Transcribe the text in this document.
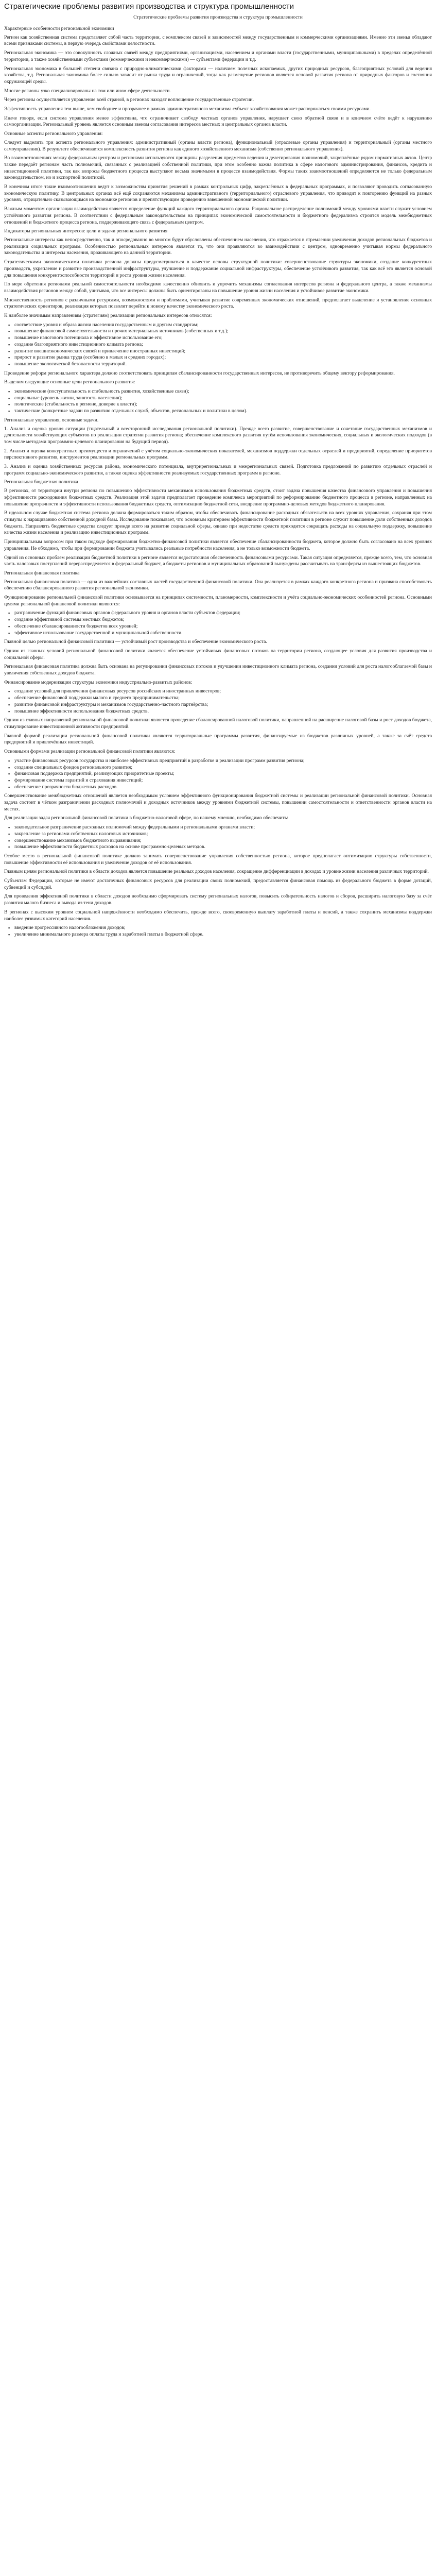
Стратегические проблемы развития производства и структура промышленности
Стратегические проблемы развития производства и структура промышленности

Характерные особенности региональной экономики

Регион как хозяйственная система представляет собой часть территории, с комплексом связей и зависимостей между государственным и коммерческими организациями. Именно эти звенья обладают всеми признаками системы, в первую очередь свойствами целостности.

Региональная экономика — это совокупность сложных связей между предприятиями, организациями, населением и органами власти (государственными, муниципальными) в пределах определённой территории, а также хозяйственными субъектами (коммерческими и некоммерческими) — субъектами федерации и т.д.

Региональная экономика в большей степени связана с природно-климатическими факторами — наличием полезных ископаемых, других природных ресурсов, благоприятных условий для ведения хозяйства, т.д. Региональная экономика более сильно зависит от рынка труда и ограничений, тогда как размещение регионов является основой развития региона от природных факторов и состояния окружающей среды.

Многие регионы узко специализированы на том или ином сфере деятельности.

Через регионы осуществляется управление всей страной, в регионах находят воплощение государственные стратегии.

Эффективность управления тем выше, чем свободнее и прозрачнее в рамках административного механизма субъект хозяйствования может распоряжаться своими ресурсами.

Иначе говоря, если система управления менее эффективна, что ограничивает свободу частных органов управления, нарушает свою обратной связи и в конечном счёте ведёт к нарушению самоорганизации. Региональный уровень является основным звеном согласования интересов местных и центральных органов власти.

Основные аспекты регионального управления:

Следует выделить три аспекта регионального управления: административный (органы власти региона), функциональный (отраслевые органы управления) и территориальный (органы местного самоуправления). В результате обеспечивается комплексность развития региона как единого хозяйственного механизма (собственно регионального управления).

Во взаимоотношениях между федеральным центром и регионами используются принципы разделения предметов ведения и делегирования полномочий, закреплённые рядом нормативных актов. Центр также передаёт регионам часть полномочий, связанных с реализацией собственной политики, при этом особенно важна политика в сфере налогового администрирования, финансов, кредита и инвестиционной политики, так как вопросы бюджетного процесса выступают весьма значимыми в процессе взаимодействия. Формы таких взаимоотношений определяются не только федеральным законодательством, но и экспортной политикой.

В конечном итоге такие взаимоотношения ведут к возможностям принятия решений в рамках контрольных цифр, закреплённых в федеральных программах, и позволяют проводить согласованную экономическую политику. В центральных органах всё ещё сохраняются механизмы административного (территориального) отраслевого управления, что приводит к повторению функций на разных уровнях, отрицательно сказывающимся на экономике регионов и препятствующим проведению взвешенной экономической политики.

Важным моментом организации взаимодействия является определение функций каждого территориального органа. Рациональное распределение полномочий между уровнями власти служит условием устойчивого развития региона. В соответствии с федеральным законодательством на принципах экономической самостоятельности и бюджетного федерализма строится модель межбюджетных отношений и бюджетного процесса региона, поддерживающего связь с федеральным центром.

Индикаторы региональных интересов: цели и задачи регионального развития

Региональные интересы как непосредственно, так и опосредованно во многом будут обусловлены обеспечением населения, что отражается в стремлении увеличения доходов региональных бюджетов и реализации социальных программ. Особенностью региональных интересов является то, что они проявляются во взаимодействии с центром, одновременно учитывая нормы федерального законодательства и интересы населения, проживающего на данной территории.

Стратегическими экономическими политики региона должны предусматриваться в качестве основы структурной политики: совершенствование структуры экономики, создание конкурентных производств, укрепление и развитие производственной инфраструктуры, улучшение и поддержание социальной инфраструктуры, обеспечение устойчивого развития, так как всё это является основой для повышения конкурентоспособности территорий и роста уровня жизни населения.

По мере обретения регионами реальной самостоятельности необходимо качественно обновить и упрочить механизмы согласования интересов региона и федерального центра, а также механизмы взаимодействия регионов между собой, учитывая, что все интересы должны быть ориентированы на повышение уровня жизни населения и устойчивое развитие экономики.

Множественность регионов с различными ресурсами, возможностями и проблемами, учитывая развитие современных экономических отношений, предполагает выделение и установление основных стратегических ориентиров, реализация которых позволит перейти к новому качеству экономического роста.

К наиболее значимым направлениям (стратегиям) реализации региональных интересов относятся:

▪ соответствие уровня и образа жизни населения государственным и другим стандартам;
▪ повышение финансовой самостоятельности и прочих материальных источников (собственных и т.д.);
▪ повышение налогового потенциала и эффективное использование его;
▪ создание благоприятного инвестиционного климата региона;
▪ развитие внешнеэкономических связей и привлечение иностранных инвестиций;
▪ прирост и развитие рынка труда (особенно в малых и средних городах);
▪ повышение экологической безопасности территорий.

Проведение реформ регионального характера должно соответствовать принципам сбалансированности государственных интересов, не противоречить общему вектору реформирования.

Выделим следующие основные цели регионального развития:

▪ экономические (поступательность и стабильность развития, хозяйственные связи);
▪ социальные (уровень жизни, занятость населения);
▪ политические (стабильность в регионе, доверие к власти);
▪ тактические (конкретные задачи по развитию отдельных служб, объектов, региональных и политики в целом).

Региональные управления, основные задачи.

1. Анализ и оценка уровня ситуации (тщательный и всесторонний исследования региональной политики). Прежде всего развитие, совершенствование и сочетание государственных механизмов и деятельности хозяйствующих субъектов по реализации стратегии развития региона; обеспечение комплексного развития путём использования экономических, социальных и экологических подходов (в том числе методами программно-целевого планирования на будущий период).

2. Анализ и оценка конкурентных преимуществ и ограничений с учётом социально-экономических показателей, механизмов поддержки отдельных отраслей и предприятий, определение приоритетов перспективного развития, инструментов реализации региональных программ.

3. Анализ и оценка хозяйственных ресурсов района, экономического потенциала, внутрирегиональных и межрегиональных связей. Подготовка предложений по развитию отдельных отраслей и программ социально-экономического развития, а также оценка эффективности реализуемых государственных программ в регионе.

Региональная бюджетная политика

В регионах, от территории внутри региона по повышению эффективности механизмов использования бюджетных средств, стоит задача повышения качества финансового управления и повышения эффективности расходования бюджетных средств. Реализация этой задачи предполагает проведение комплекса мероприятий по реформированию бюджетного процесса в регионе, направленных на повышение прозрачности и эффективности использования бюджетных средств, оптимизацию бюджетной сети, внедрение программно-целевых методов бюджетного планирования.

В идеальном случае бюджетная система региона должна формироваться таким образом, чтобы обеспечивать финансирование расходных обязательств на всех уровнях управления, сохраняя при этом стимулы к наращиванию собственной доходной базы. Исследование показывает, что основным критерием эффективности бюджетной политики в регионе служит повышение доли собственных доходов бюджета. Направлять бюджетные средства следует прежде всего на развитие социальной сферы, однако при недостатке средств приходится сокращать расходы на социальную поддержку, повышение качества жизни населения и реализацию инвестиционных программ.

Принципиальным вопросом при таком подходе формирования бюджетно-финансовой политики является обеспечение сбалансированности бюджета, которое должно быть согласовано на всех уровнях управления. Не обходимо, чтобы при формировании бюджета учитывались реальные потребности населения, а не только возможности бюджета.

Одной из основных проблем реализации бюджетной политики в регионе является недостаточная обеспеченность финансовыми ресурсами. Такая ситуация определяется, прежде всего, тем, что основная часть налоговых поступлений перераспределяется в федеральный бюджет, а бюджеты регионов и муниципальных образований вынуждены рассчитывать на трансферты из вышестоящих бюджетов.

Региональная финансовая политика

Региональная финансовая политика — одна из важнейших составных частей государственной финансовой политики. Она реализуется в рамках каждого конкретного региона и призвана способствовать обеспечению сбалансированного развития региональной экономики.

Функционирование региональной финансовой политики основывается на принципах системности, планомерности, комплексности и учёта социально-экономических особенностей региона. Основными целями региональной финансовой политики являются:

▪ разграничение функций финансовых органов федерального уровня и органов власти субъектов федерации;
▪ создание эффективной системы местных бюджетов;
▪ обеспечение сбалансированности бюджетов всех уровней;
▪ эффективное использование государственной и муниципальной собственности.

Главной целью региональной финансовой политики — устойчивый рост производства и обеспечение экономического роста.

Одним из главных условий региональной финансовой политики является обеспечение устойчивых финансовых потоков на территории региона, создающее условия для развития производства и социальной сферы.

Региональная финансовая политика должна быть основана на регулировании финансовых потоков и улучшении инвестиционного климата региона, создании условий для роста налогооблагаемой базы и увеличения собственных доходов бюджета.

Финансирование модернизации структуры экономики индустриально-развитых районов:

▪ создание условий для привлечения финансовых ресурсов российских и иностранных инвесторов;
▪ обеспечение финансовой поддержки малого и среднего предпринимательства;
▪ развитие финансовой инфраструктуры и механизмов государственно-частного партнёрства;
▪ повышение эффективности использования бюджетных средств.

Одним из главных направлений региональной финансовой политики является проведение сбалансированной налоговой политики, направленной на расширение налоговой базы и рост доходов бюджета, стимулирование инвестиционной активности предприятий.

Главной формой реализации региональной финансовой политики являются территориальные программы развития, финансируемые из бюджетов различных уровней, а также за счёт средств предприятий и привлечённых инвестиций.

Основными формами реализации региональной финансовой политики являются:

▪ участие финансовых ресурсов государства и наиболее эффективных предприятий в разработке и реализации программ развития региона;
▪ создание специальных фондов регионального развития;
▪ финансовая поддержка предприятий, реализующих приоритетные проекты;
▪ формирование системы гарантий и страхования инвестиций;
▪ обеспечение прозрачности бюджетных расходов.

Совершенствование межбюджетных отношений является необходимым условием эффективного функционирования бюджетной системы и реализации региональной финансовой политики. Основная задача состоит в чётком разграничении расходных полномочий и доходных источников между уровнями бюджетной системы, повышении самостоятельности и ответственности органов власти на местах.

Для реализации задач региональной финансовой политики в бюджетно-налоговой сфере, по нашему мнению, необходимо обеспечить:

▪ законодательное разграничение расходных полномочий между федеральными и региональными органами власти;
▪ закрепление за регионами собственных налоговых источников;
▪ совершенствование механизмов бюджетного выравнивания;
▪ повышение эффективности бюджетных расходов на основе программно-целевых методов.

Особое место в региональной финансовой политике должно занимать совершенствование управления собственностью региона, которое предполагает оптимизацию структуры собственности, повышение эффективности её использования и увеличение доходов от её использования.

Главным целям региональной политики в области доходов является повышение реальных доходов населения, сокращение дифференциации в доходах и уровне жизни населения различных территорий.

Субъектам Федерации, которые не имеют достаточных финансовых ресурсов для реализации своих полномочий, предоставляется финансовая помощь из федерального бюджета в форме дотаций, субвенций и субсидий.

Для проведения эффективной политики в области доходов необходимо сформировать систему региональных налогов, повысить собирательность налогов и сборов, расширить налоговую базу за счёт развития малого бизнеса и вывода из тени доходов.

В регионах с высоким уровнем социальной напряжённости необходимо обеспечить, прежде всего, своевременную выплату заработной платы и пенсий, а также сохранить механизмы поддержки наиболее уязвимых категорий населения.

▪ введение прогрессивного налогообложения доходов;
▪ увеличение минимального размера оплаты труда и заработной платы в бюджетной сфере.
